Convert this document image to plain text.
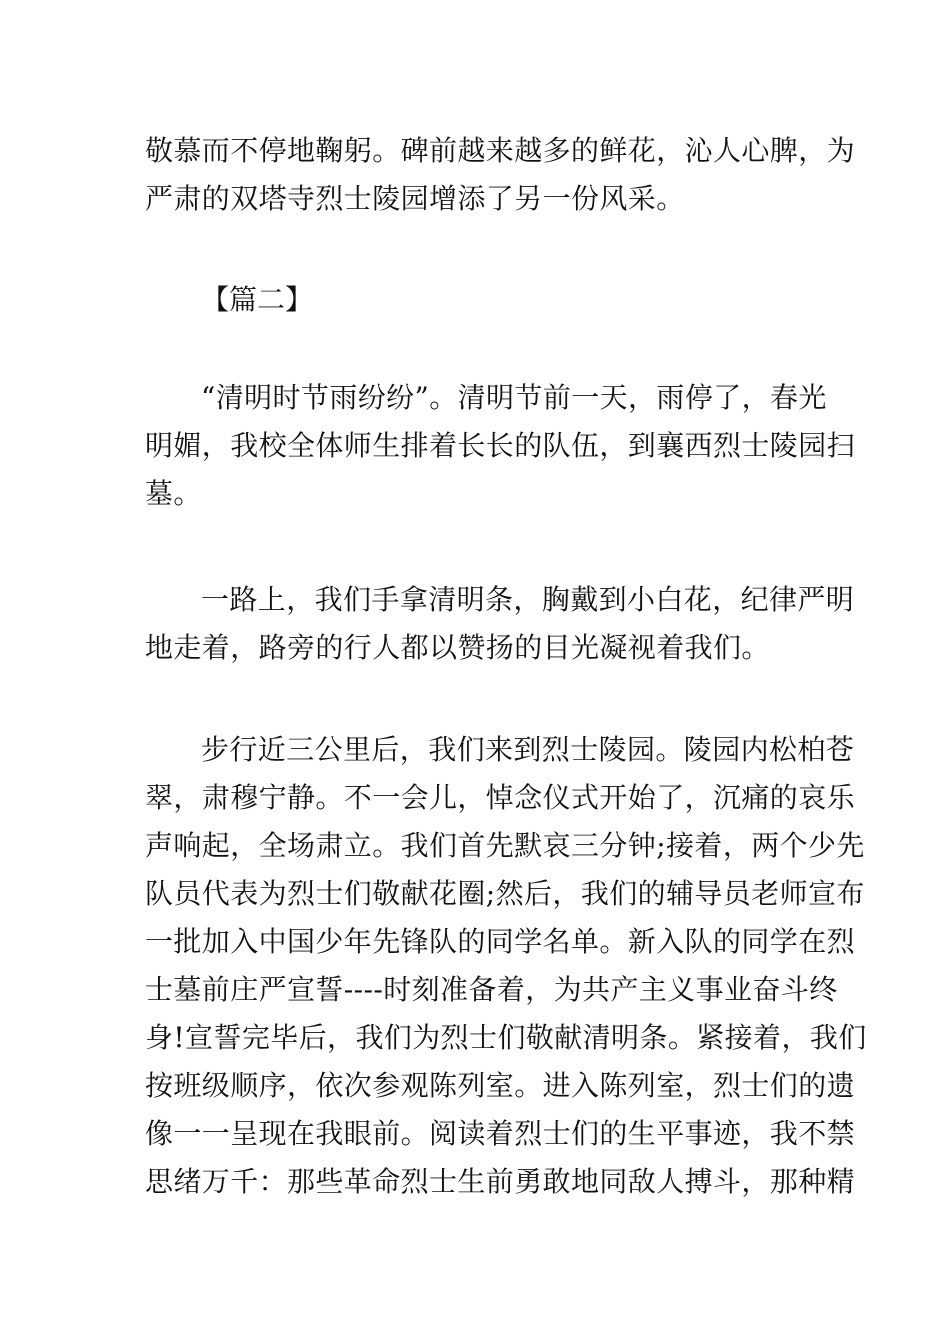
敬慕而不停地鞠躬。碑前越来越多的鲜花，沁人心脾，为
严肃的双塔寺烈士陵园增添了另一份风采。

【篇二】

“清明时节雨纷纷”。清明节前一天，雨停了，春光
明媚，我校全体师生排着长长的队伍，到襄西烈士陵园扫
墓。

一路上，我们手拿清明条，胸戴到小白花，纪律严明
地走着，路旁的行人都以赞扬的目光凝视着我们。

步行近三公里后，我们来到烈士陵园。陵园内松柏苍
翠，肃穆宁静。不一会儿，悼念仪式开始了，沉痛的哀乐
声响起，全场肃立。我们首先默哀三分钟;接着，两个少先
队员代表为烈士们敬献花圈;然后，我们的辅导员老师宣布
一批加入中国少年先锋队的同学名单。新入队的同学在烈
士墓前庄严宣誓----时刻准备着，为共产主义事业奋斗终
身!宣誓完毕后，我们为烈士们敬献清明条。紧接着，我们
按班级顺序，依次参观陈列室。进入陈列室，烈士们的遗
像一一呈现在我眼前。阅读着烈士们的生平事迹，我不禁
思绪万千：那些革命烈士生前勇敢地同敌人搏斗，那种精
